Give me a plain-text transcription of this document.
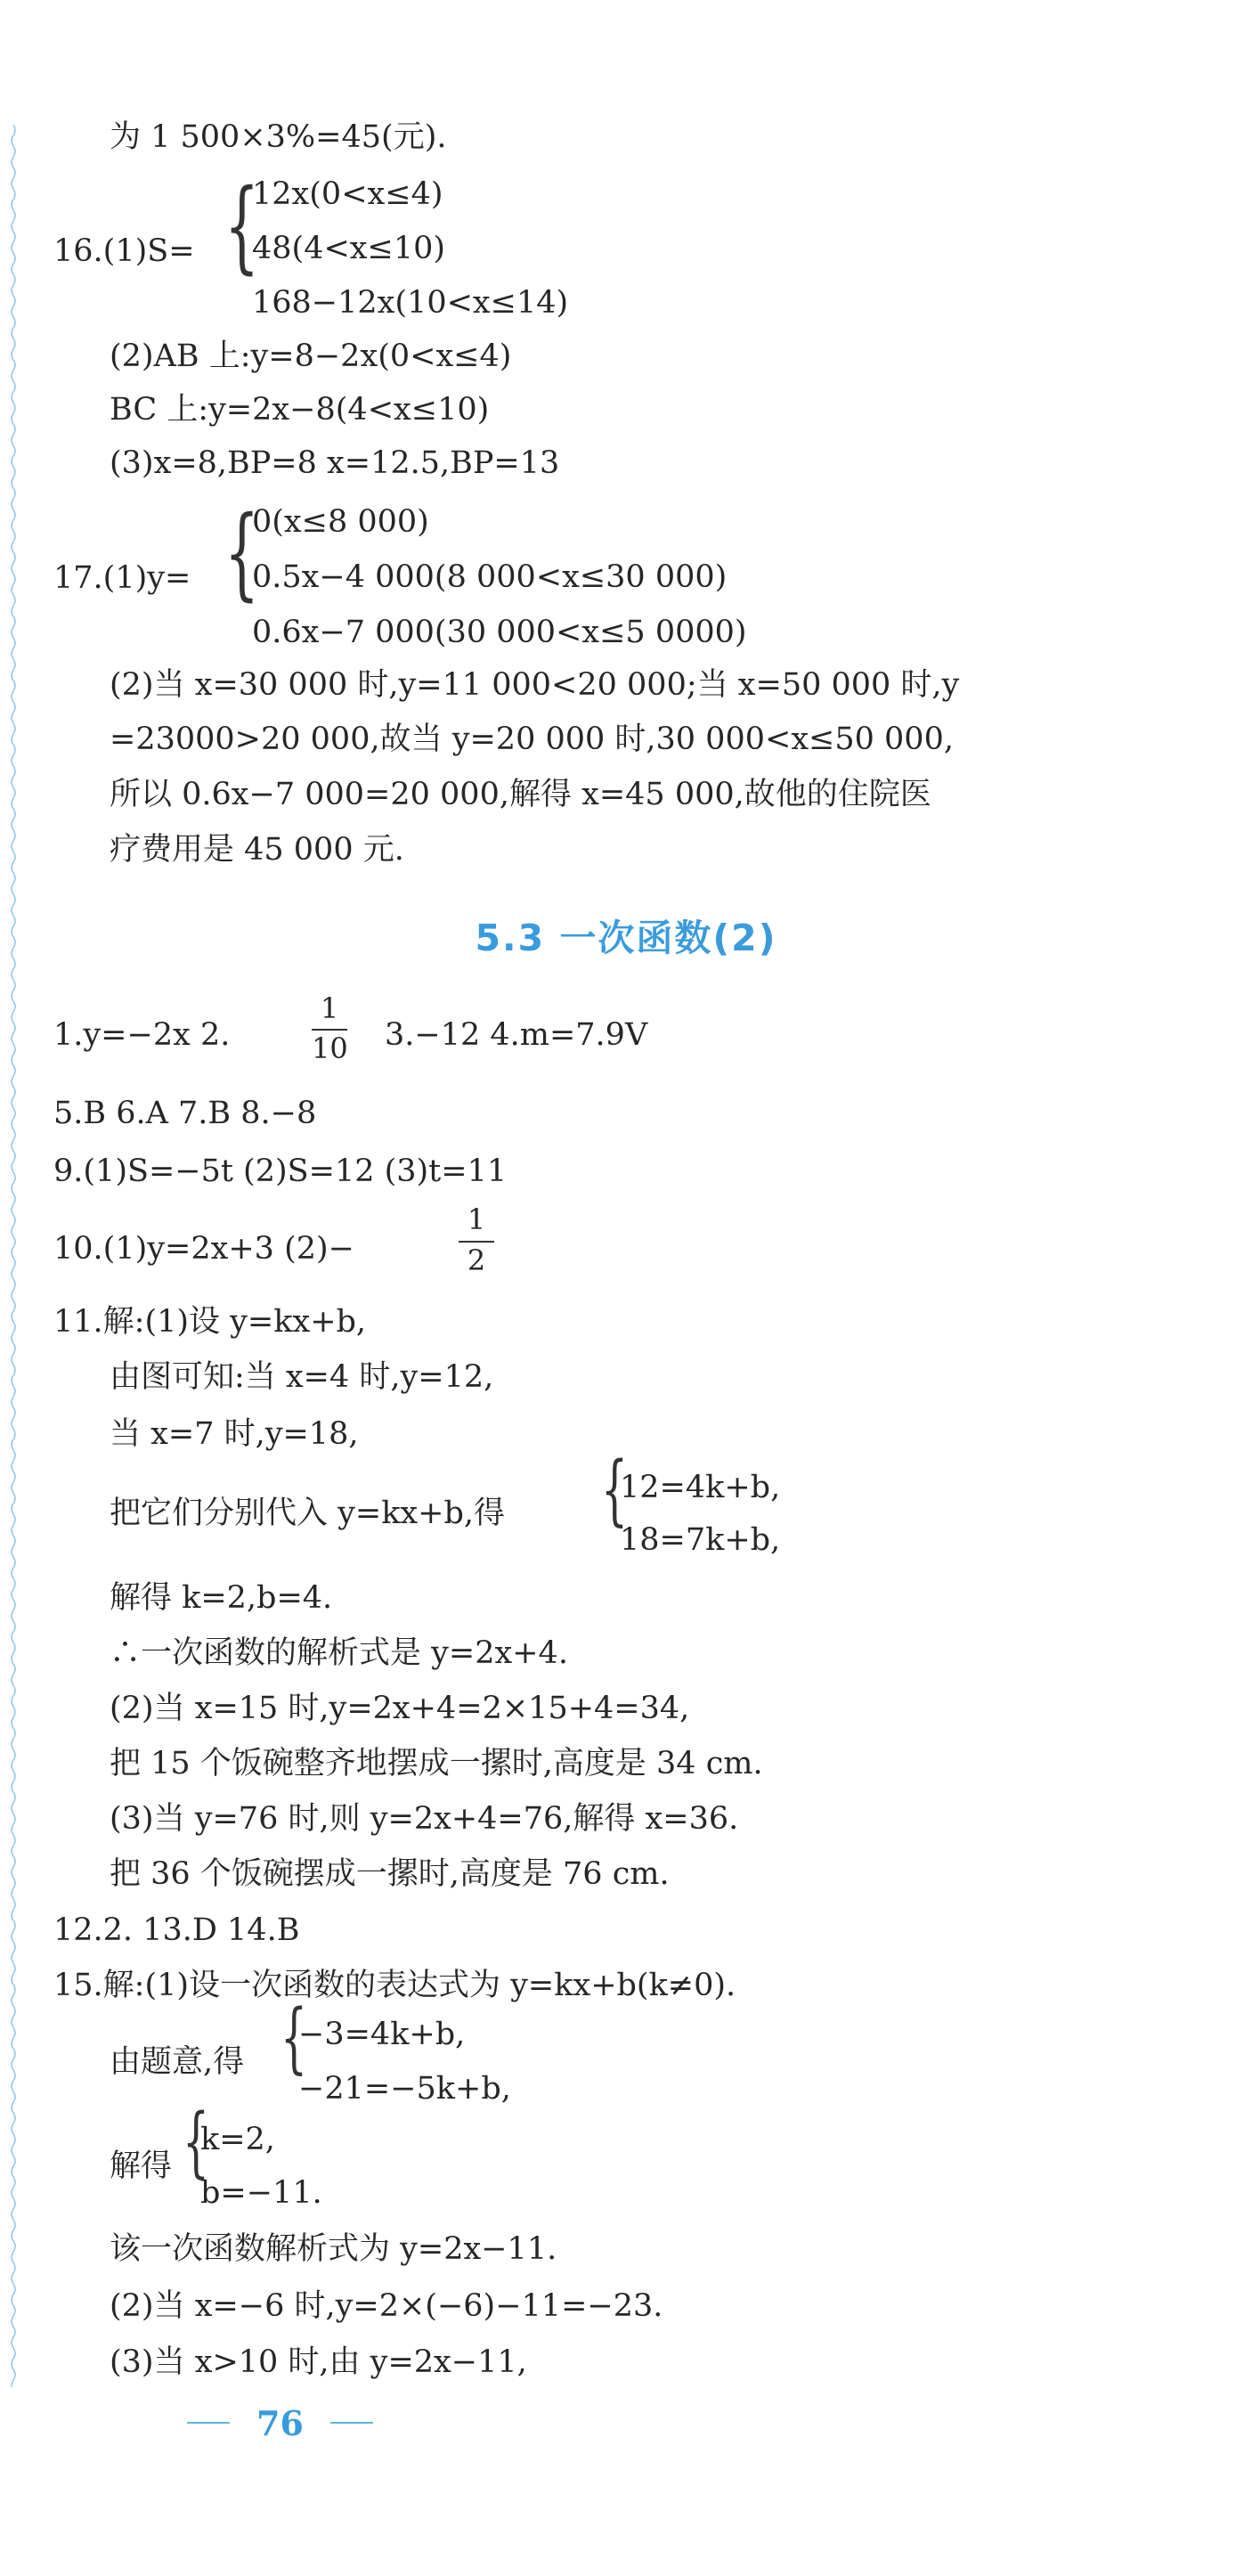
为 1 500×3%=45(元).
16.(1)S= {
12x(0<x≤4)
48(4<x≤10)
168−12x(10<x≤14)
(2)AB 上:y=8−2x(0<x≤4)
BC 上:y=2x−8(4<x≤10)
(3)x=8,BP=8 x=12.5,BP=13
17.(1)y= {
0(x≤8 000)
0.5x−4 000(8 000<x≤30 000)
0.6x−7 000(30 000<x≤5 0000)
(2)当 x=30 000 时,y=11 000<20 000;当 x=50 000 时,y
=23000>20 000,故当 y=20 000 时,30 000<x≤50 000,
所以 0.6x−7 000=20 000,解得 x=45 000,故他的住院医
疗费用是 45 000 元.
5.3 一次函数(2)
1.y=−2x 2.
1
10 3.−12 4.m=7.9V
5.B 6.A 7.B 8.−8
9.(1)S=−5t (2)S=12 (3)t=11
10.(1)y=2x+3 (2)−
1
2
11.解:(1)设 y=kx+b,
由图可知:当 x=4 时,y=12,
当 x=7 时,y=18,
把它们分别代入 y=kx+b,得 {
12=4k+b,
18=7k+b,
解得 k=2,b=4.
∴一次函数的解析式是 y=2x+4.
(2)当 x=15 时,y=2x+4=2×15+4=34,
把 15 个饭碗整齐地摆成一摞时,高度是 34 cm.
(3)当 y=76 时,则 y=2x+4=76,解得 x=36.
把 36 个饭碗摆成一摞时,高度是 76 cm.
12.2. 13.D 14.B
15.解:(1)设一次函数的表达式为 y=kx+b(k≠0).
由题意,得 {
−3=4k+b,
−21=−5k+b,
解得 {
k=2,
b=−11.
该一次函数解析式为 y=2x−11.
(2)当 x=−6 时,y=2×(−6)−11=−23.
(3)当 x>10 时,由 y=2x−11,
76
